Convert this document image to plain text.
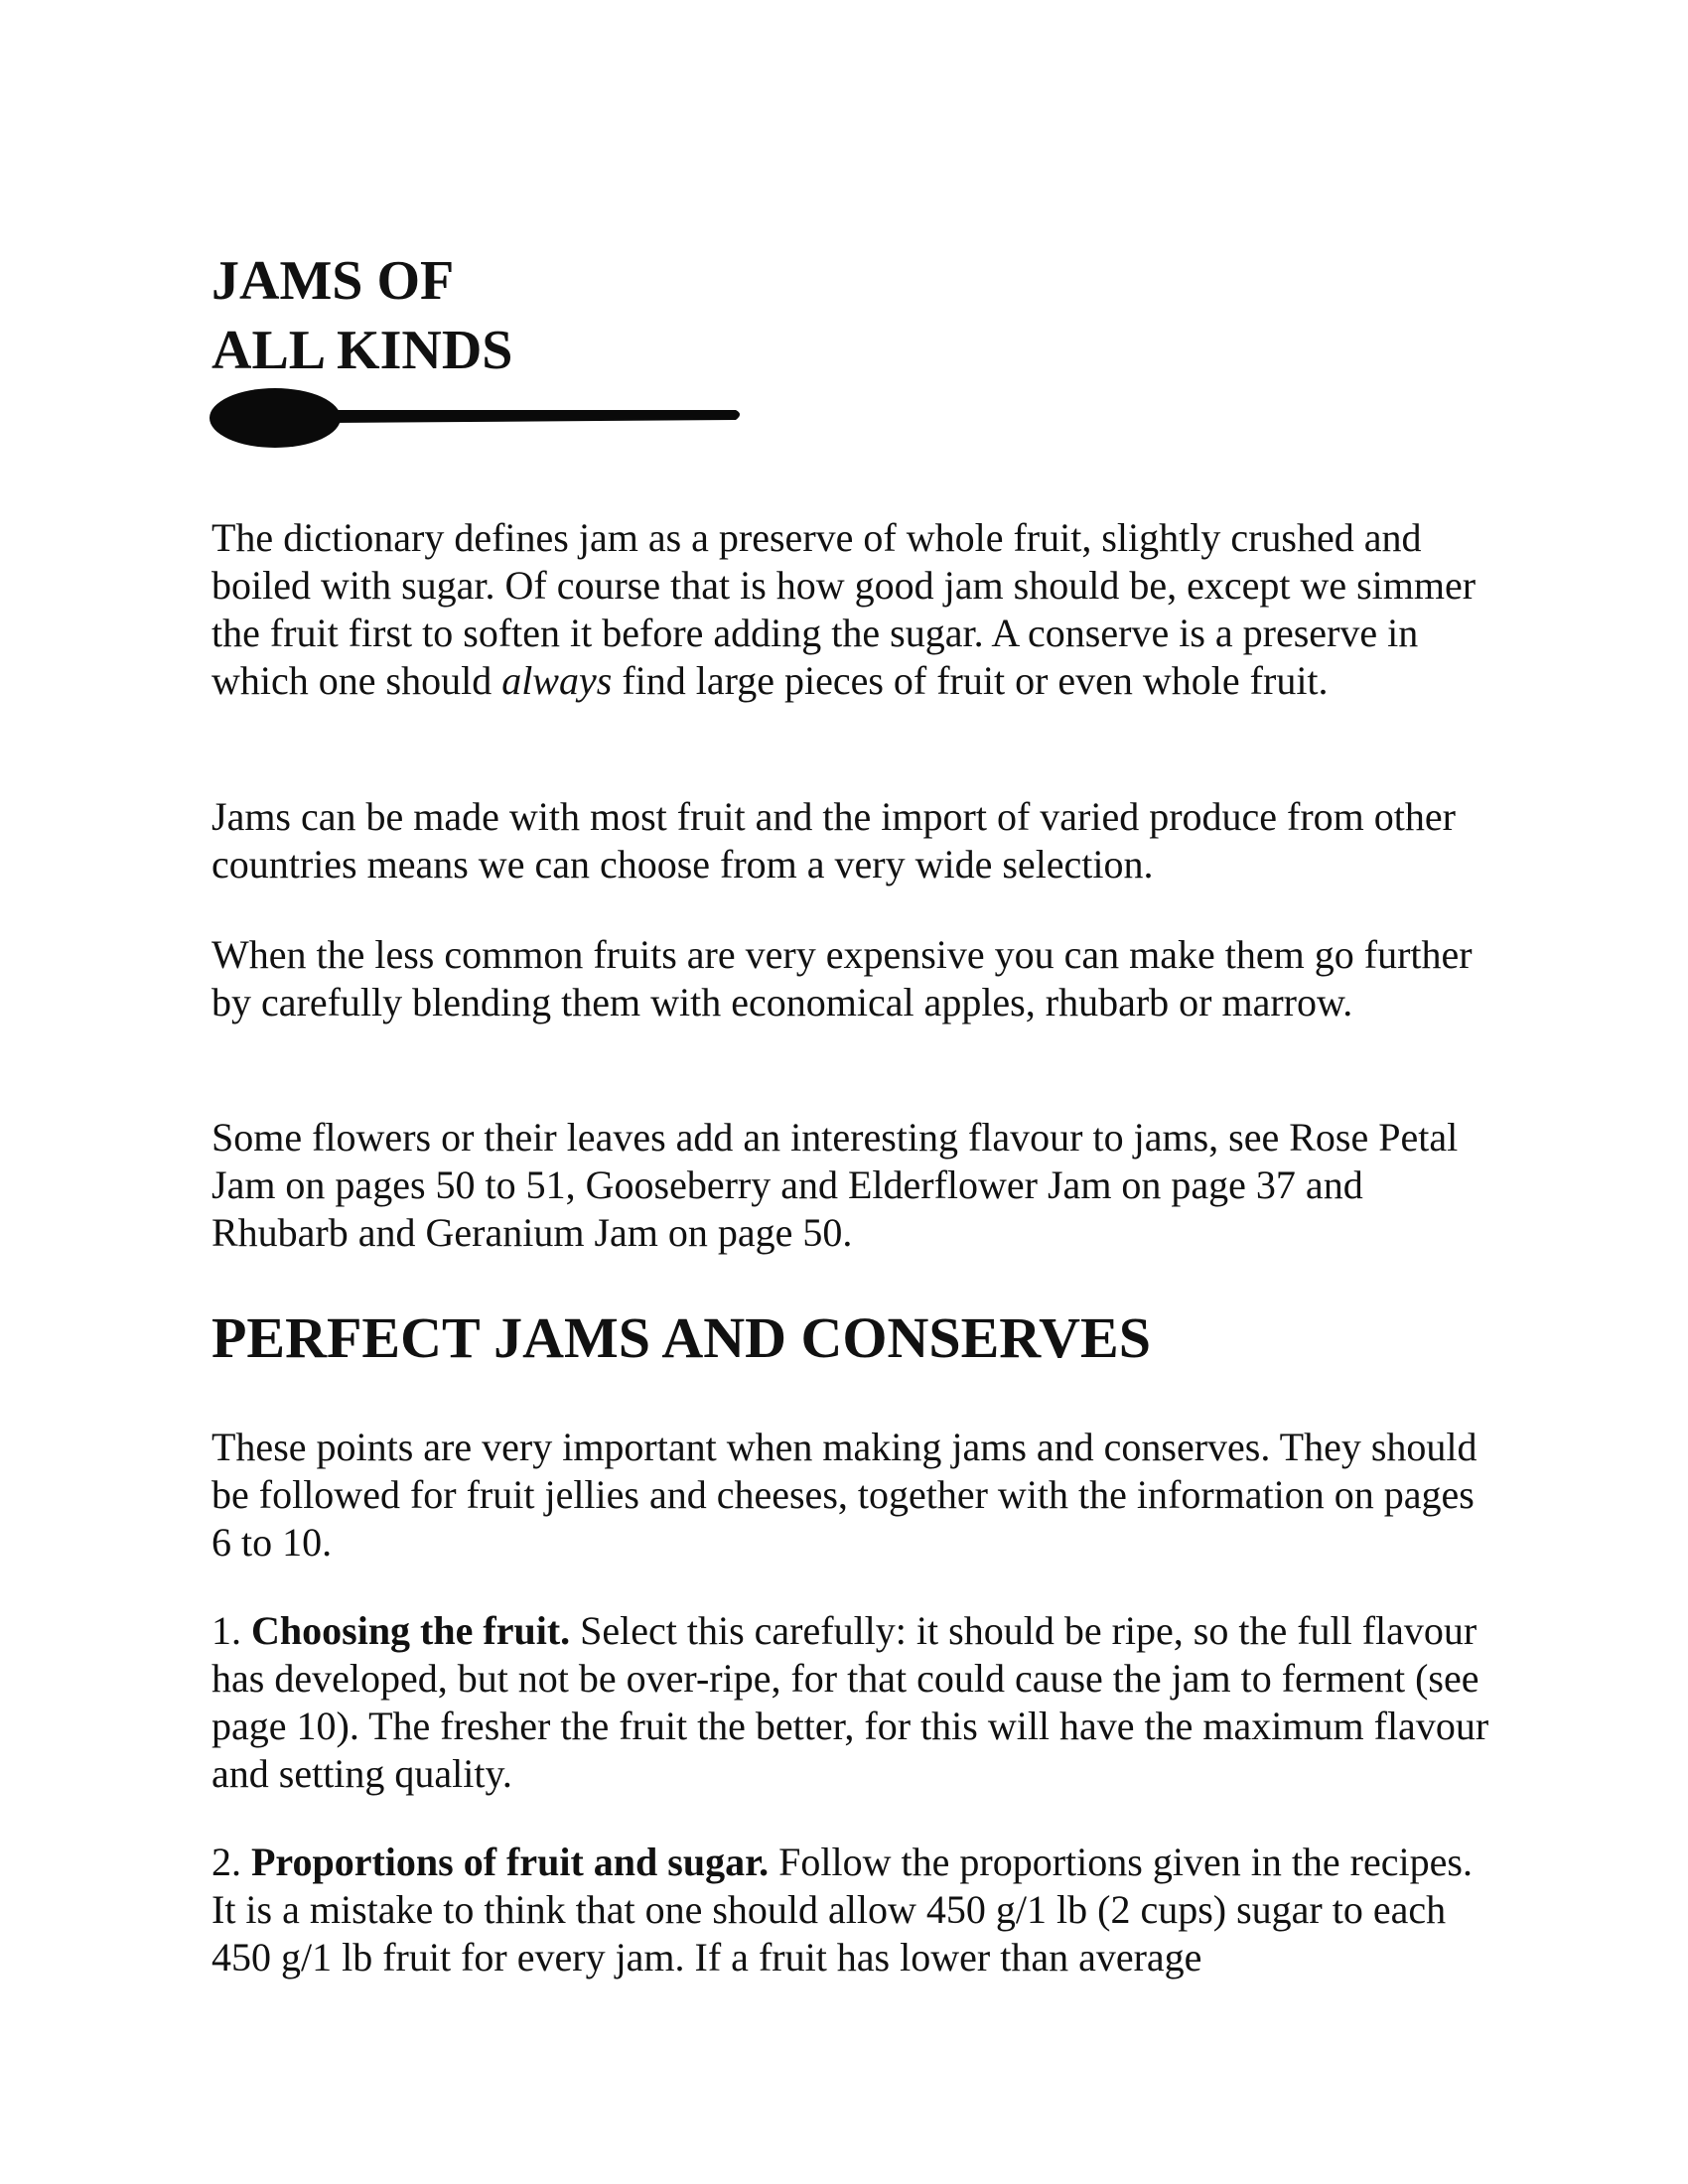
JAMS OF
ALL KINDS

The dictionary defines jam as a preserve of whole fruit, slightly crushed and boiled with sugar. Of course that is how good jam should be, except we simmer the fruit first to soften it before adding the sugar. A conserve is a preserve in which one should always find large pieces of fruit or even whole fruit.

Jams can be made with most fruit and the import of varied produce from other countries means we can choose from a very wide selection.

When the less common fruits are very expensive you can make them go further by carefully blending them with economical apples, rhubarb or marrow.

Some flowers or their leaves add an interesting flavour to jams, see Rose Petal Jam on pages 50 to 51, Gooseberry and Elderflower Jam on page 37 and Rhubarb and Geranium Jam on page 50.

PERFECT JAMS AND CONSERVES

These points are very important when making jams and conserves. They should be followed for fruit jellies and cheeses, together with the information on pages 6 to 10.

1. Choosing the fruit. Select this carefully: it should be ripe, so the full flavour has developed, but not be over-ripe, for that could cause the jam to ferment (see page 10). The fresher the fruit the better, for this will have the maximum flavour and setting quality.

2. Proportions of fruit and sugar. Follow the proportions given in the recipes. It is a mistake to think that one should allow 450 g/1 lb (2 cups) sugar to each 450 g/1 lb fruit for every jam. If a fruit has lower than average
